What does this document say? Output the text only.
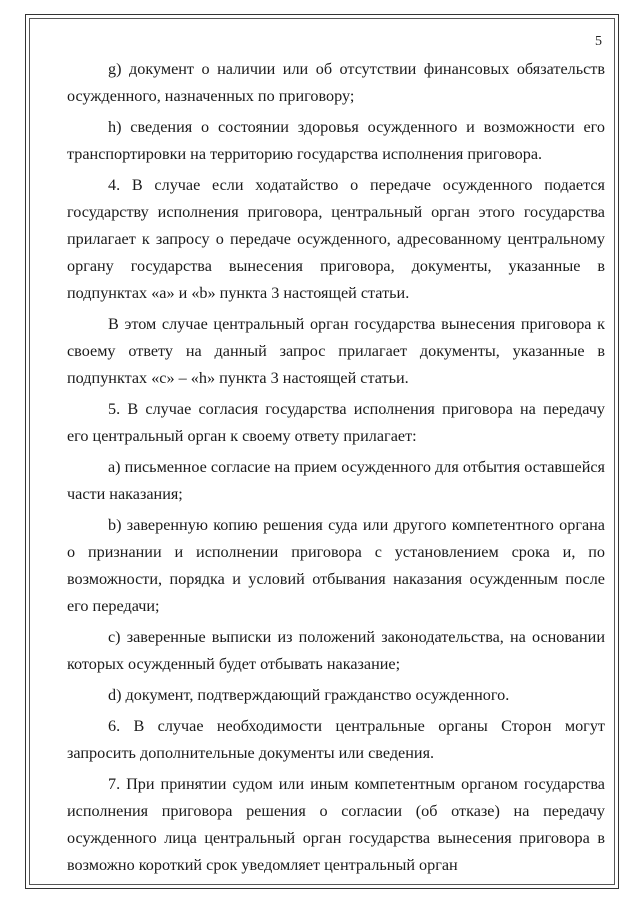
5

g) документ о наличии или об отсутствии финансовых обязательств осужденного, назначенных по приговору;

h) сведения о состоянии здоровья осужденного и возможности его транспортировки на территорию государства исполнения приговора.

4. В случае если ходатайство о передаче осужденного подается государству исполнения приговора, центральный орган этого государства прилагает к запросу о передаче осужденного, адресованному центральному органу государства вынесения приговора, документы, указанные в подпунктах «а» и «b» пункта 3 настоящей статьи.

В этом случае центральный орган государства вынесения приговора к своему ответу на данный запрос прилагает документы, указанные в подпунктах «с» – «h» пункта 3 настоящей статьи.

5. В случае согласия государства исполнения приговора на передачу его центральный орган к своему ответу прилагает:

а) письменное согласие на прием осужденного для отбытия оставшейся части наказания;

b) заверенную копию решения суда или другого компетентного органа о признании и исполнении приговора с установлением срока и, по возможности, порядка и условий отбывания наказания осужденным после его передачи;

с) заверенные выписки из положений законодательства, на основании которых осужденный будет отбывать наказание;

d) документ, подтверждающий гражданство осужденного.

6. В случае необходимости центральные органы Сторон могут запросить дополнительные документы или сведения.

7. При принятии судом или иным компетентным органом государства исполнения приговора решения о согласии (об отказе) на передачу осужденного лица центральный орган государства вынесения приговора в возможно короткий срок уведомляет центральный орган
